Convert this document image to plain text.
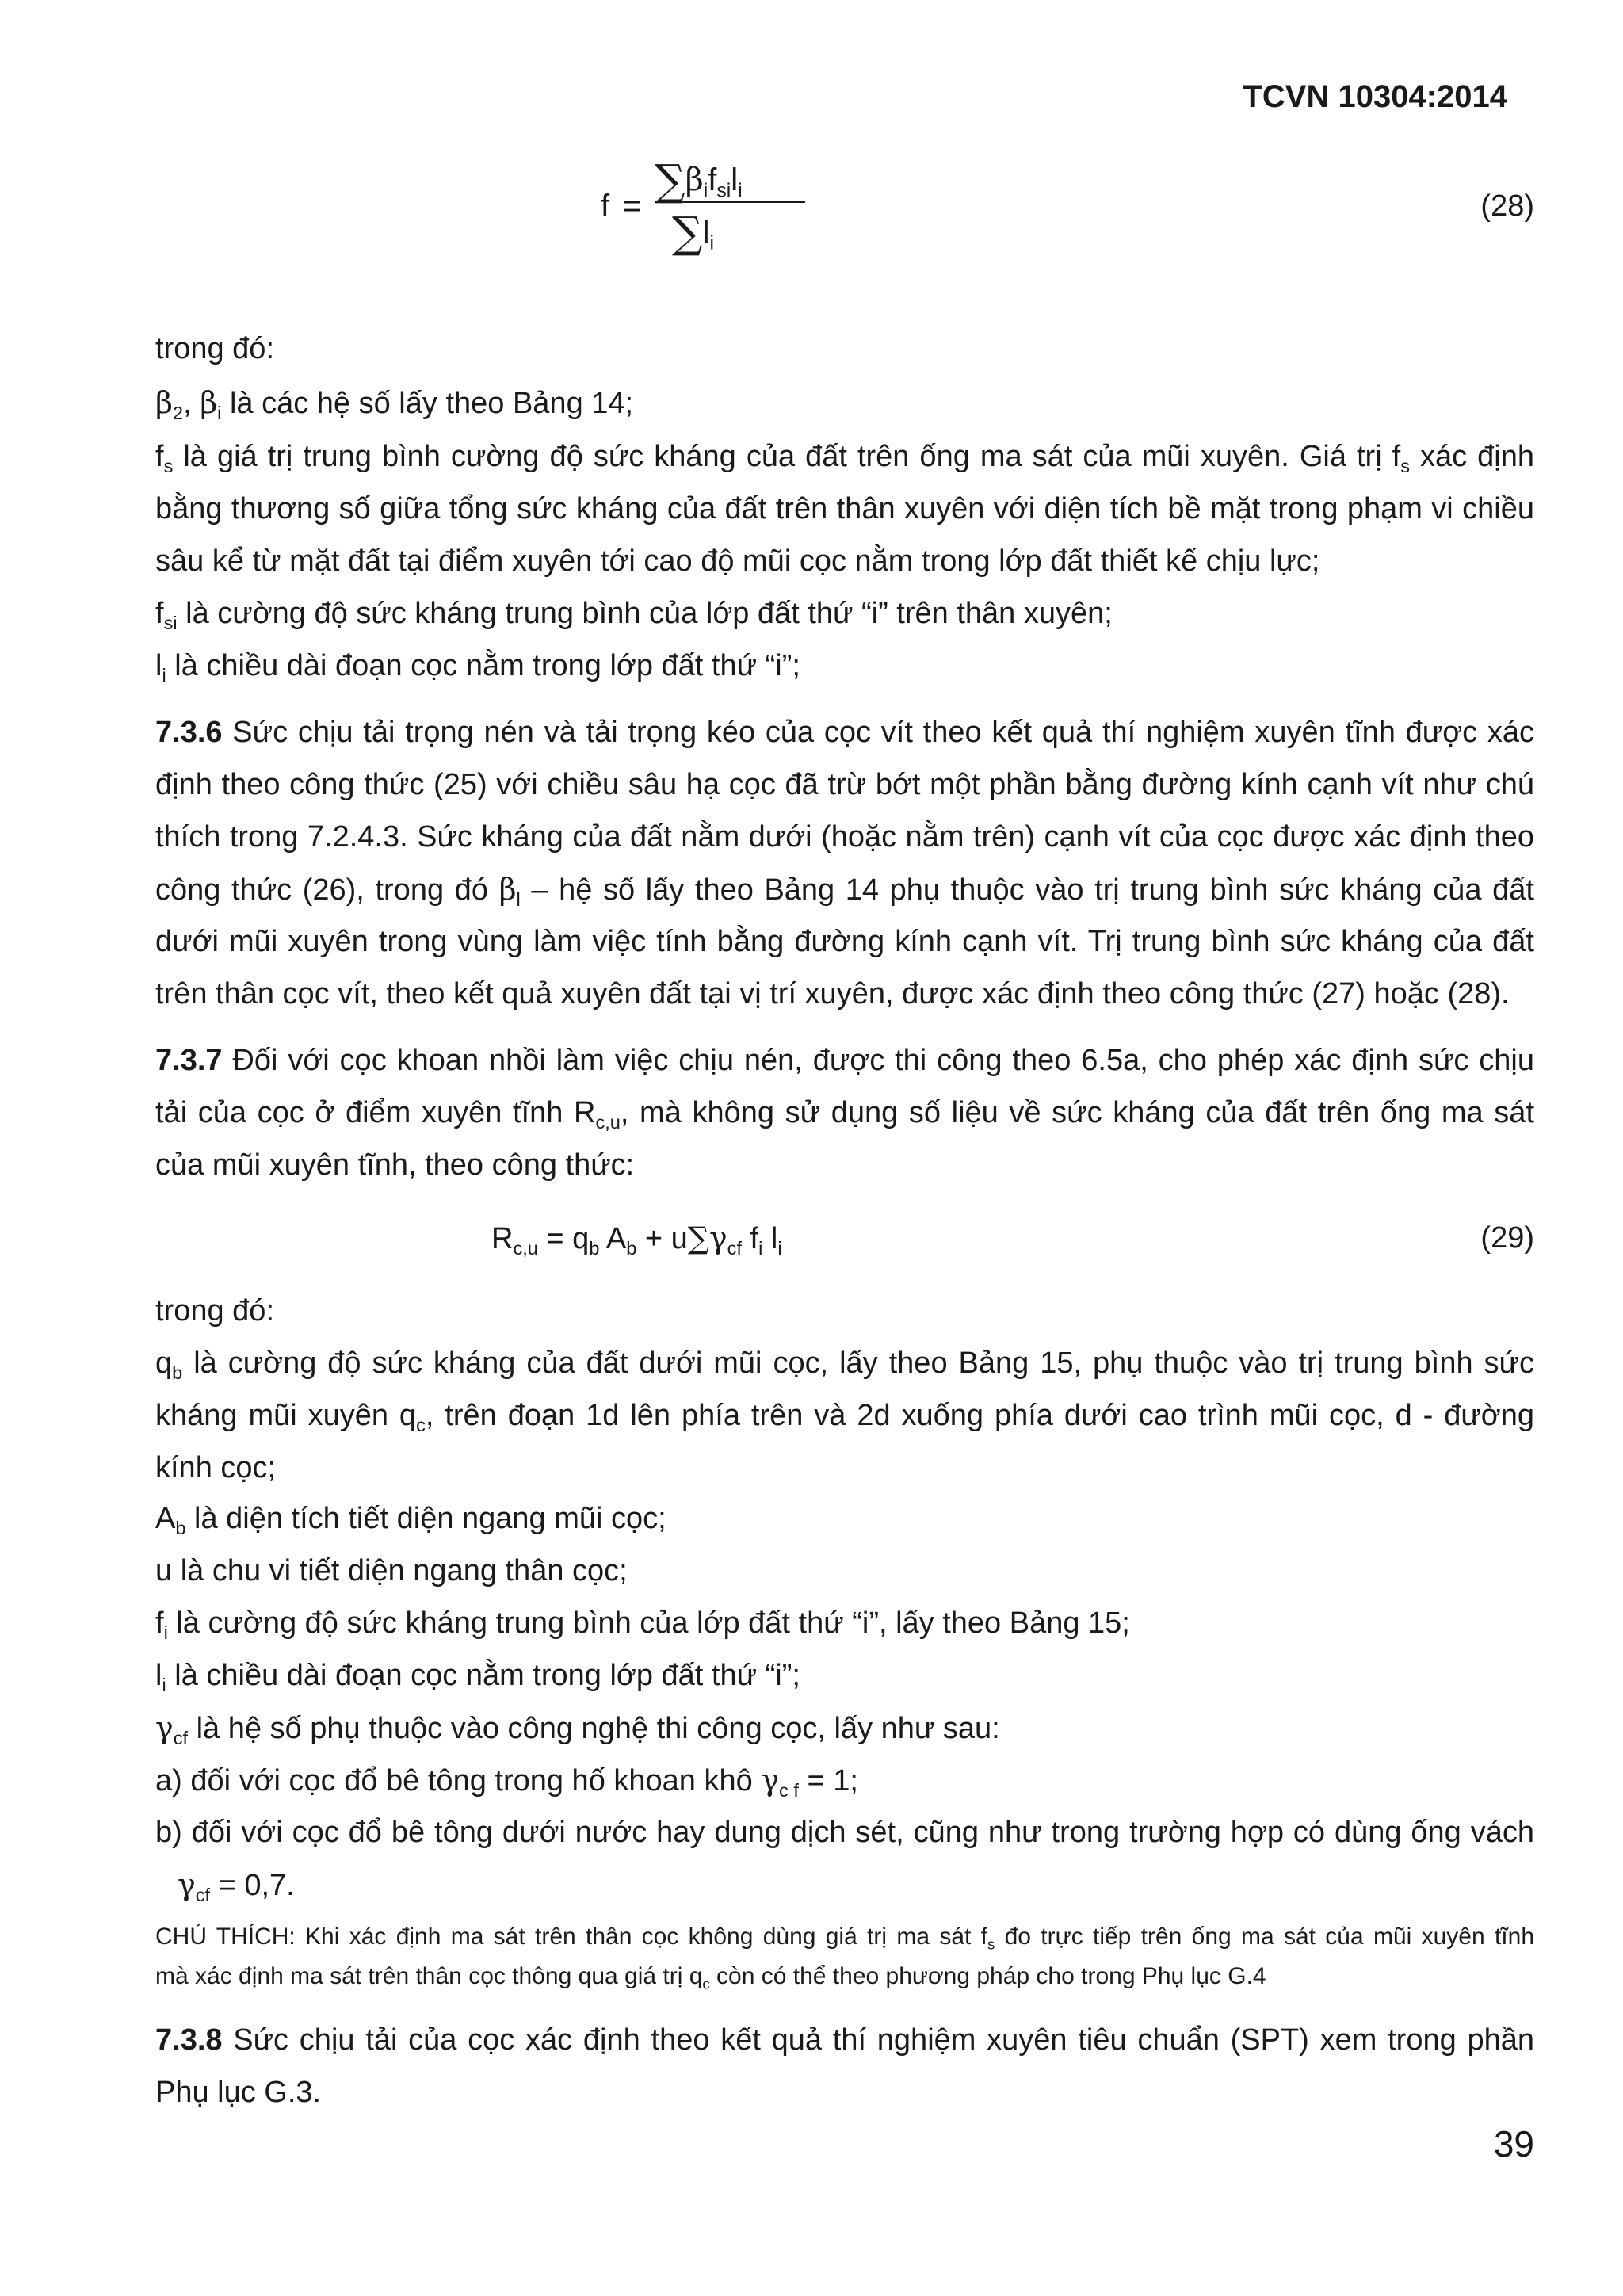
TCVN 10304:2014
f =
$\sum\beta_if_{si}l_i$
$\sum l_i$
(28)
trong đó:
$\beta_2$, $\beta_i$ là các hệ số lấy theo Bảng 14;
$f_s$ là giá trị trung bình cường độ sức kháng của đất trên ống ma sát của mũi xuyên. Giá trị $f_s$ xác định
bằng thương số giữa tổng sức kháng của đất trên thân xuyên với diện tích bề mặt trong phạm vi chiều
sâu kể từ mặt đất tại điểm xuyên tới cao độ mũi cọc nằm trong lớp đất thiết kế chịu lực;
$f_{si}$ là cường độ sức kháng trung bình của lớp đất thứ “i” trên thân xuyên;
$l_i$ là chiều dài đoạn cọc nằm trong lớp đất thứ “i”;
7.3.6 Sức chịu tải trọng nén và tải trọng kéo của cọc vít theo kết quả thí nghiệm xuyên tĩnh được xác
định theo công thức (25) với chiều sâu hạ cọc đã trừ bớt một phần bằng đường kính cạnh vít như chú
thích trong 7.2.4.3. Sức kháng của đất nằm dưới (hoặc nằm trên) cạnh vít của cọc được xác định theo
công thức (26), trong đó $\beta_l$ – hệ số lấy theo Bảng 14 phụ thuộc vào trị trung bình sức kháng của đất
dưới mũi xuyên trong vùng làm việc tính bằng đường kính cạnh vít. Trị trung bình sức kháng của đất
trên thân cọc vít, theo kết quả xuyên đất tại vị trí xuyên, được xác định theo công thức (27) hoặc (28).
7.3.7 Đối với cọc khoan nhồi làm việc chịu nén, được thi công theo 6.5a, cho phép xác định sức chịu
tải của cọc ở điểm xuyên tĩnh $R_{c,u}$, mà không sử dụng số liệu về sức kháng của đất trên ống ma sát
của mũi xuyên tĩnh, theo công thức:
$R_{c,u} = q_b$ $A_b + u\sum\gamma_{cf}$ $f_i$ $l_i$	(29)
trong đó:
$q_b$ là cường độ sức kháng của đất dưới mũi cọc, lấy theo Bảng 15, phụ thuộc vào trị trung bình sức
kháng mũi xuyên $q_c$, trên đoạn 1d lên phía trên và 2d xuống phía dưới cao trình mũi cọc, d - đường
kính cọc;
$A_b$ là diện tích tiết diện ngang mũi cọc;
u là chu vi tiết diện ngang thân cọc;
$f_i$ là cường độ sức kháng trung bình của lớp đất thứ “i”, lấy theo Bảng 15;
$l_i$ là chiều dài đoạn cọc nằm trong lớp đất thứ “i”;
$\gamma_{cf}$ là hệ số phụ thuộc vào công nghệ thi công cọc, lấy như sau:
a) đối với cọc đổ bê tông trong hố khoan khô $\gamma_{c f} = 1$;
b) đối với cọc đổ bê tông dưới nước hay dung dịch sét, cũng như trong trường hợp có dùng ống vách
$\gamma_{cf} = 0,7$.
CHÚ THÍCH: Khi xác định ma sát trên thân cọc không dùng giá trị ma sát $f_s$ đo trực tiếp trên ống ma sát của mũi xuyên tĩnh
mà xác định ma sát trên thân cọc thông qua giá trị $q_c$ còn có thể theo phương pháp cho trong Phụ lục G.4
7.3.8 Sức chịu tải của cọc xác định theo kết quả thí nghiệm xuyên tiêu chuẩn (SPT) xem trong phần
Phụ lục G.3.
39
